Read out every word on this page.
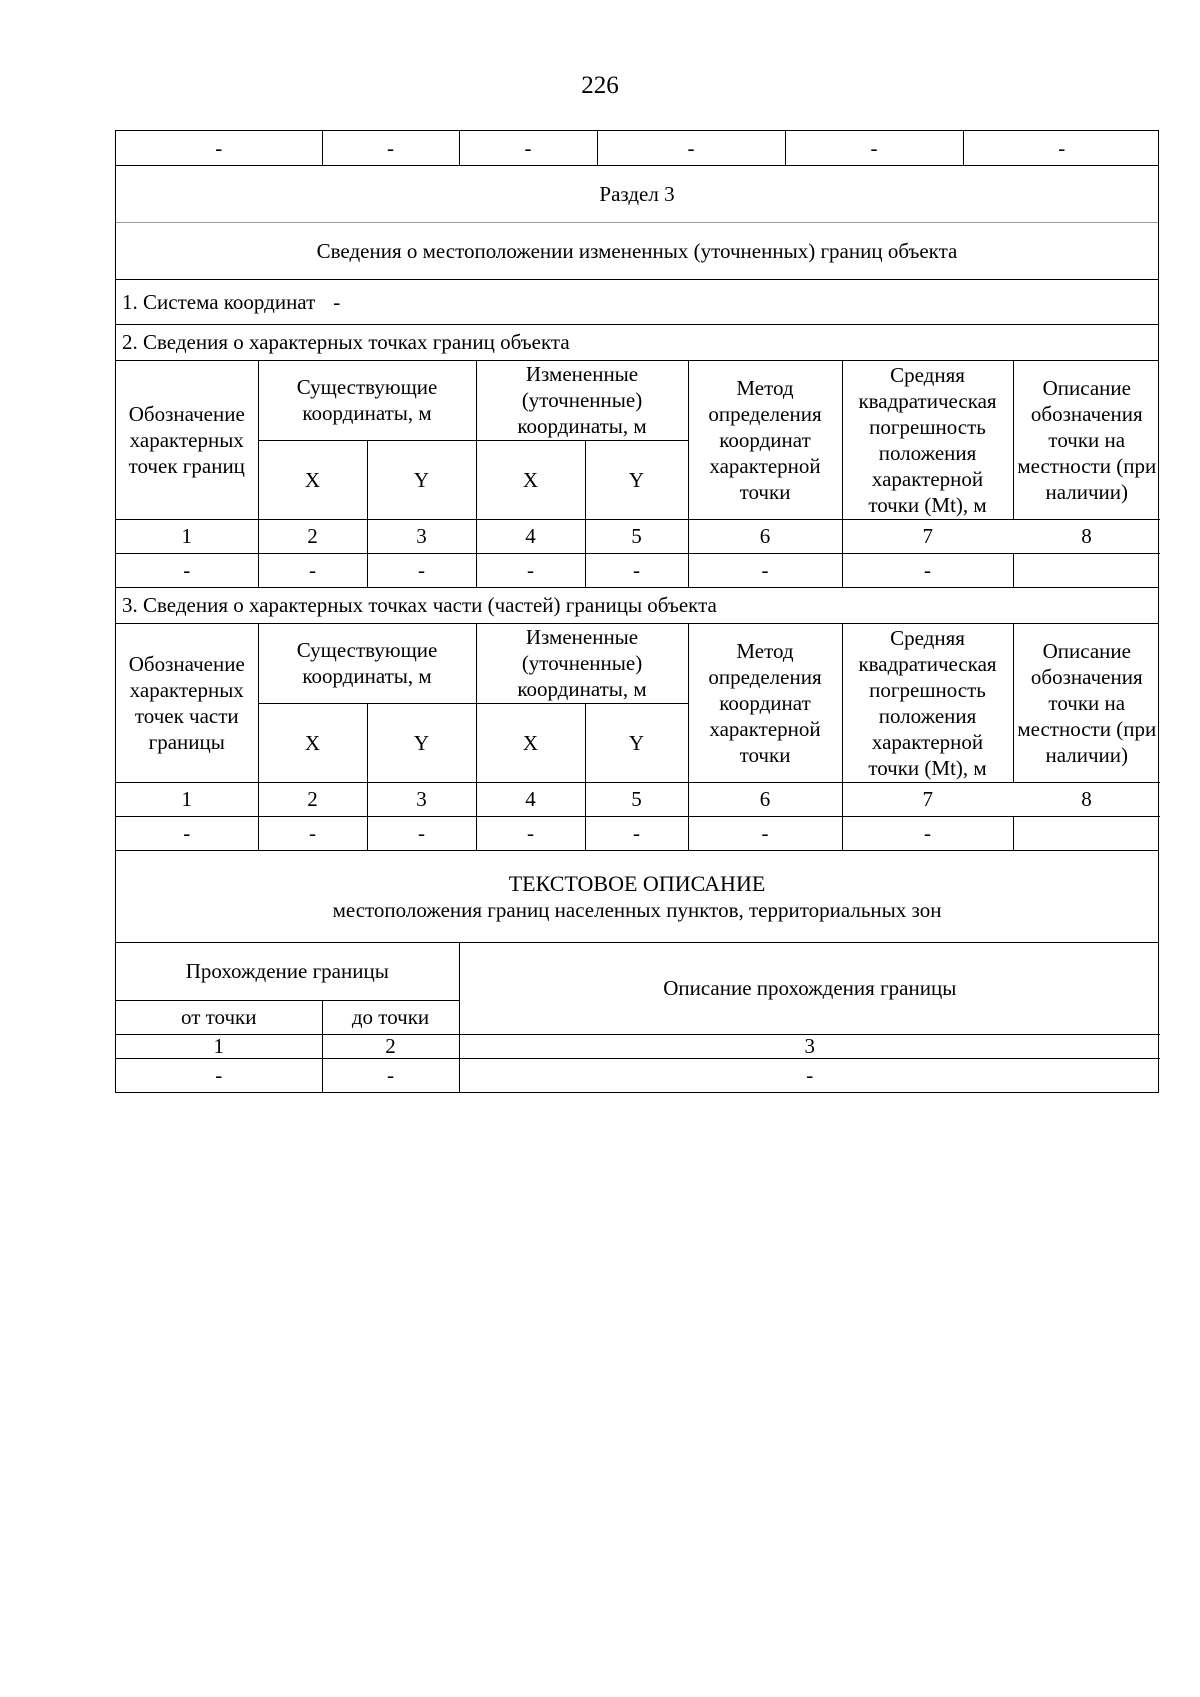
226
-	-	-	-	-	-
Раздел 3
Сведения о местоположении измененных (уточненных) границ объекта
1. Система координат -
2. Сведения о характерных точках границ объекта
Обозначение характерных точек границ	Существующие координаты, м		Измененные (уточненные) координаты, м		Метод определения координат характерной точки	Средняя квадратическая погрешность положения характерной точки (Mt), м	Описание обозначения точки на местности (при наличии)
	X	Y	X	Y			
1	2	3	4	5	6	7	8
-	-	-	-	-	-	-	
3. Сведения о характерных точках части (частей) границы объекта
Обозначение характерных точек части границы	Существующие координаты, м		Измененные (уточненные) координаты, м		Метод определения координат характерной точки	Средняя квадратическая погрешность положения характерной точки (Mt), м	Описание обозначения точки на местности (при наличии)
	X	Y	X	Y			
1	2	3	4	5	6	7	8
-	-	-	-	-	-	-	
ТЕКСТОВОЕ ОПИСАНИЕ
местоположения границ населенных пунктов, территориальных зон
Прохождение границы		Описание прохождения границы
от точки	до точки	
1	2	3
-	-	-
